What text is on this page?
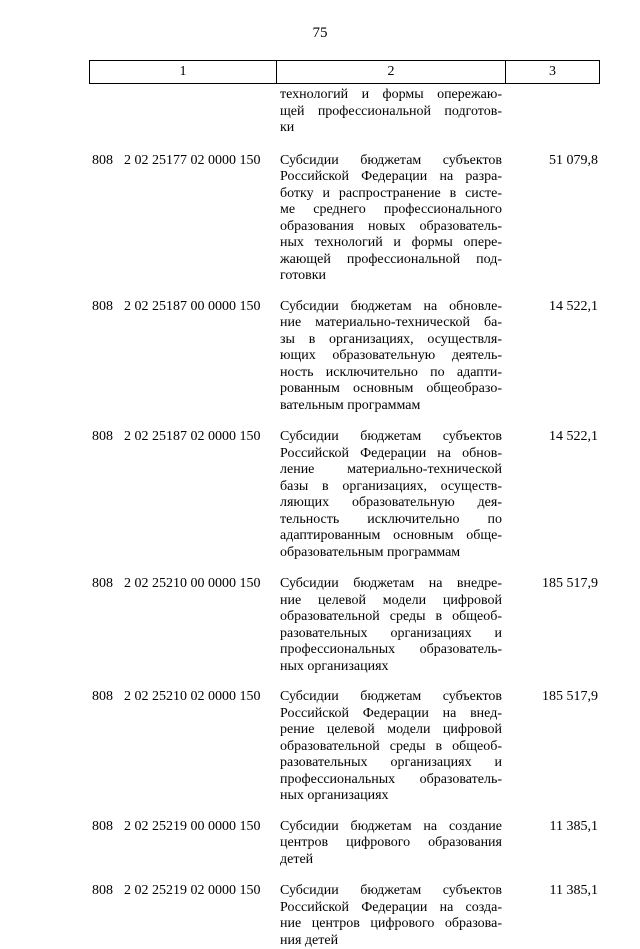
75
1	2	3
технологий и формы опережаю-
щей профессиональной подготов-
ки
808 2 02 25177 02 0000 150	Субсидии бюджетам субъектов
Российской Федерации на разра-
ботку и распространение в систе-
ме среднего профессионального
образования новых образователь-
ных технологий и формы опере-
жающей профессиональной под-
готовки
51 079,8
808 2 02 25187 00 0000 150	Субсидии бюджетам на обновле-
ние материально-технической ба-
зы в организациях, осуществля-
ющих образовательную деятель-
ность исключительно по адапти-
рованным основным общеобразо-
вательным программам
14 522,1
808 2 02 25187 02 0000 150	Субсидии бюджетам субъектов
Российской Федерации на обнов-
ление материально-технической
базы в организациях, осуществ-
ляющих образовательную дея-
тельность исключительно по
адаптированным основным обще-
образовательным программам
14 522,1
808 2 02 25210 00 0000 150	Субсидии бюджетам на внедре-
ние целевой модели цифровой
образовательной среды в общеоб-
разовательных организациях и
профессиональных образователь-
ных организациях
185 517,9
808 2 02 25210 02 0000 150	Субсидии бюджетам субъектов
Российской Федерации на внед-
рение целевой модели цифровой
образовательной среды в общеоб-
разовательных организациях и
профессиональных образователь-
ных организациях
185 517,9
808 2 02 25219 00 0000 150	Субсидии бюджетам на создание
центров цифрового образования
детей
11 385,1
808 2 02 25219 02 0000 150	Субсидии бюджетам субъектов
Российской Федерации на созда-
ние центров цифрового образова-
ния детей
11 385,1
